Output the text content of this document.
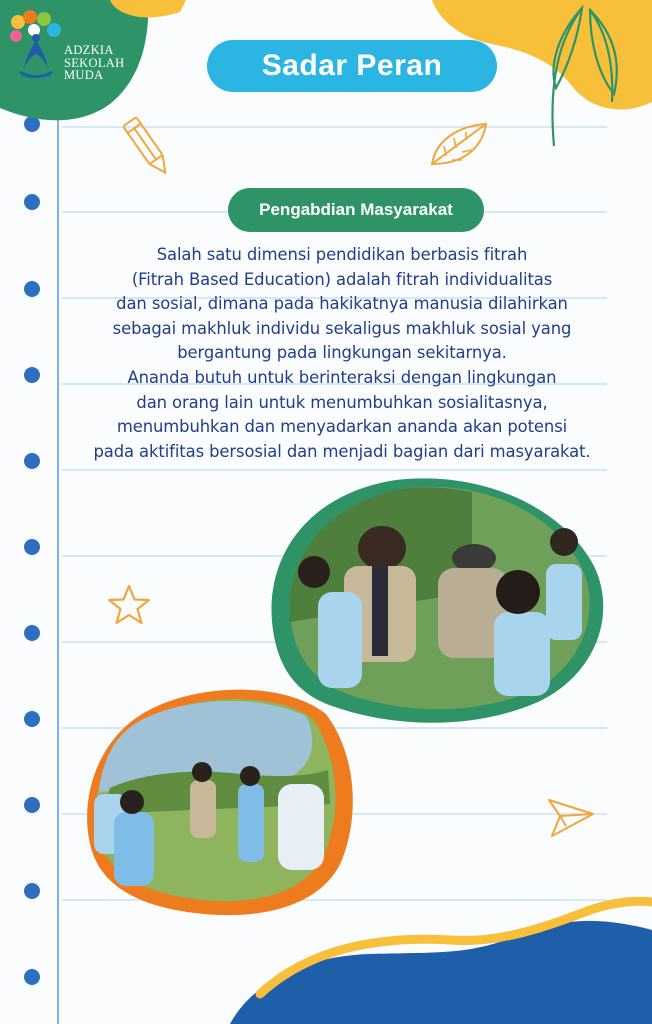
ADZKIA
SEKOLAH
MUDA	Sadar Peran
Pengabdian Masyarakat

Salah satu dimensi pendidikan berbasis fitrah
(Fitrah Based Education) adalah fitrah individualitas
dan sosial, dimana pada hakikatnya manusia dilahirkan
sebagai makhluk individu sekaligus makhluk sosial yang
bergantung pada lingkungan sekitarnya.
Ananda butuh untuk berinteraksi dengan lingkungan
dan orang lain untuk menumbuhkan sosialitasnya,
menumbuhkan dan menyadarkan ananda akan potensi
pada aktifitas bersosial dan menjadi bagian dari masyarakat.
